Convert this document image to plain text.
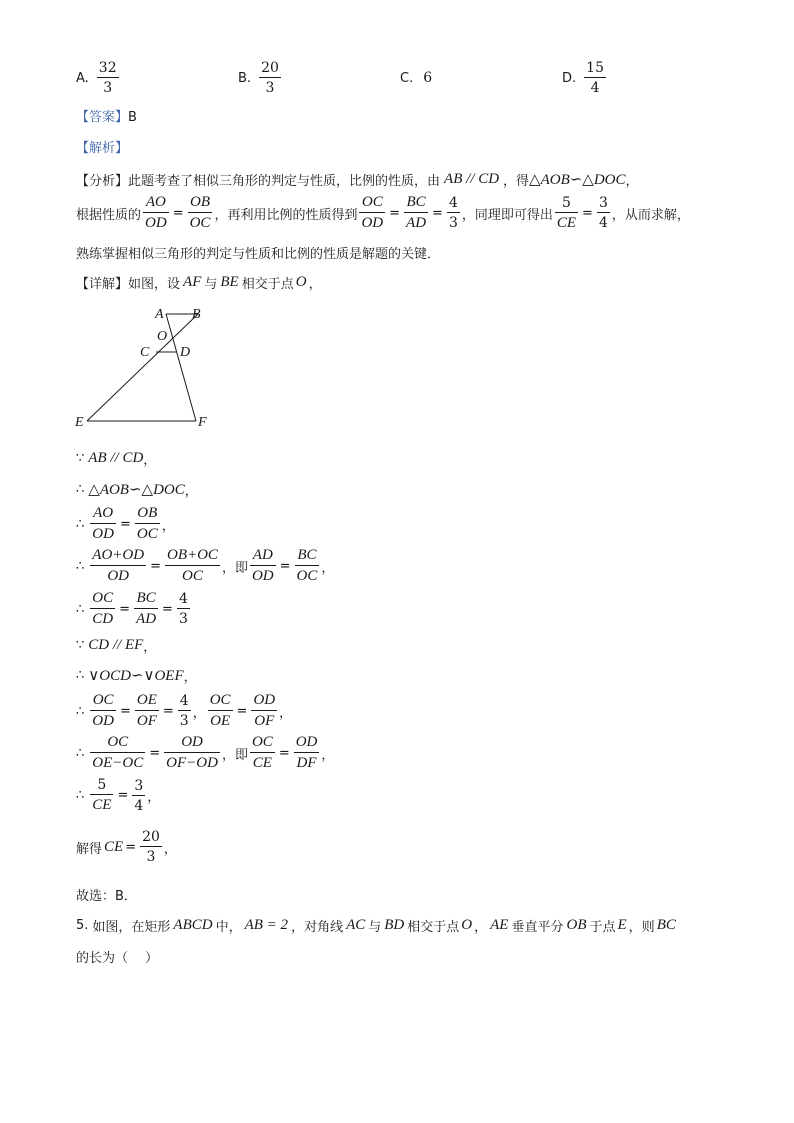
A. $\frac{32}{3}$	B. $\frac{20}{3}$	C. 6	D. $\frac{15}{4}$
【答案】B
【解析】
【分析】 此题考查了相似三角形的判定与性质，比例的性质，由 AB // CD ，得 △AOB∽△DOC ，
根据性质的 $\frac{AO}{OD} = \frac{OB}{OC}$ ，再利用比例的性质得到 $\frac{OC}{OD} = \frac{BC}{AD} = \frac{4}{3}$ ，同理即可得出 $\frac{5}{CE} = \frac{3}{4}$ ，从而求解，
熟练掌握相似三角形的判定与性质和比例的性质是解题的关键．
【详解】 如图，设 AF 与 BE 相交于点 O ，
A B
O
C D
E	F
∵ AB // CD ，
∴ △AOB∽△DOC ，
∴ $\frac{AO}{OD} = \frac{OB}{OC}$ ，
∴ $\frac{AO+OD}{OD} = \frac{OB+OC}{OC}$ ，即 $\frac{AD}{OD} = \frac{BC}{OC}$ ，
∴ $\frac{OC}{CD} = \frac{BC}{AD} = \frac{4}{3}$
∵ CD // EF ，
∴ ∨OCD∽∨OEF ，
∴ $\frac{OC}{OD} = \frac{OE}{OF} = \frac{4}{3}$ ， $\frac{OC}{OE} = \frac{OD}{OF}$ ，
∴ $\frac{OC}{OE-OC} = \frac{OD}{OF-OD}$ ，即 $\frac{OC}{CE} = \frac{OD}{DF}$ ，
∴ $\frac{5}{CE} = \frac{3}{4}$ ，
解得 CE = $\frac{20}{3}$ ，
故选：B．
5. 如图，在矩形 ABCD 中， AB = 2 ，对角线 AC 与 BD 相交于点 O ， AE 垂直平分 OB 于点 E ，则 BC
的长为（　 ）
